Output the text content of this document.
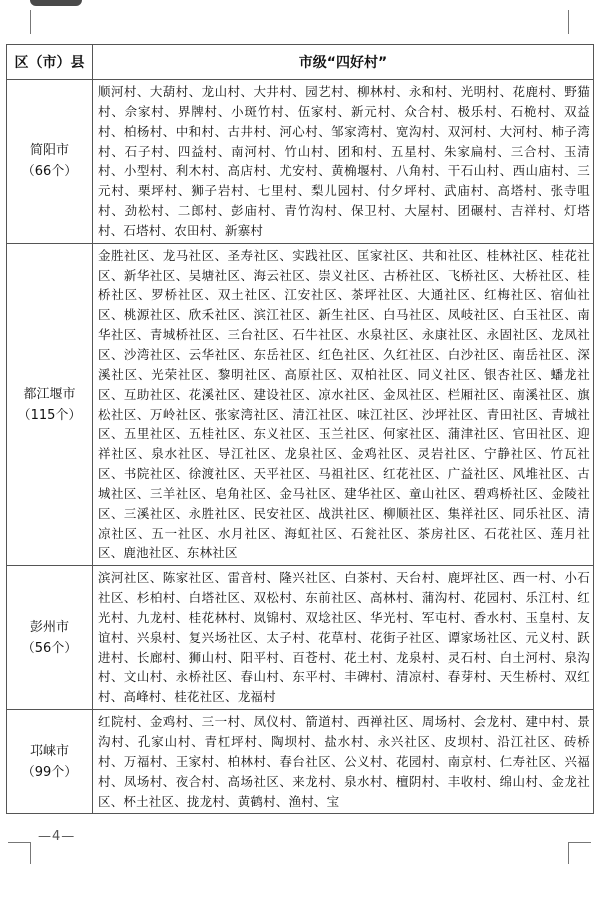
区（市）县	市级“四好村”

简阳市
（66个）	顺河村、大葫村、龙山村、大井村、园艺村、柳林村、永和村、光明村、花鹿村、野猫村、佘家村、界牌村、小斑竹村、伍家村、新元村、众合村、极乐村、石桅村、双益村、柏杨村、中和村、古井村、河心村、邹家湾村、宽沟村、双河村、大河村、柿子湾村、石子村、四益村、南河村、竹山村、团和村、五星村、朱家扁村、三合村、玉清村、小型村、利木村、高店村、尤安村、黄桷堰村、八角村、干石山村、西山庙村、三元村、栗坪村、狮子岩村、七里村、梨儿园村、付夕坪村、武庙村、高塔村、张寺咀村、劲松村、二郎村、彭庙村、青竹沟村、保卫村、大屋村、团碾村、吉祥村、灯塔村、石塔村、农田村、新寨村

都江堰市
（115个）	金胜社区、龙马社区、圣寿社区、实践社区、匡家社区、共和社区、桂林社区、桂花社区、新华社区、吴塘社区、海云社区、崇义社区、古桥社区、飞桥社区、大桥社区、桂桥社区、罗桥社区、双土社区、江安社区、茶坪社区、大通社区、红梅社区、宿仙社区、桃源社区、欣禾社区、滨江社区、新生社区、白马社区、凤岐社区、白玉社区、南华社区、青城桥社区、三台社区、石牛社区、水泉社区、永康社区、永固社区、龙凤社区、沙湾社区、云华社区、东岳社区、红色社区、久红社区、白沙社区、南岳社区、深溪社区、光荣社区、黎明社区、高原社区、双柏社区、同义社区、银杏社区、蟠龙社区、互助社区、花溪社区、建设社区、凉水社区、金凤社区、栏厢社区、南溪社区、旗松社区、万岭社区、张家湾社区、清江社区、味江社区、沙坪社区、青田社区、青城社区、五里社区、五桂社区、东义社区、玉兰社区、何家社区、蒲津社区、官田社区、迎祥社区、泉水社区、导江社区、龙泉社区、金鸡社区、灵岩社区、宁静社区、竹瓦社区、书院社区、徐渡社区、天平社区、马祖社区、红花社区、广益社区、风堆社区、古城社区、三羊社区、皂角社区、金马社区、建华社区、童山社区、碧鸡桥社区、金陵社区、三溪社区、永胜社区、民安社区、战洪社区、柳顺社区、集祥社区、同乐社区、清凉社区、五一社区、水月社区、海虹社区、石瓮社区、茶房社区、石花社区、莲月社区、鹿池社区、东林社区

彭州市
（56个）	滨河社区、陈家社区、雷音村、隆兴社区、白茶村、天台村、鹿坪社区、西一村、小石社区、杉柏村、白塔社区、双松村、东前社区、高林村、蒲沟村、花园村、乐江村、红光村、九龙村、桂花林村、岚锦村、双埝社区、华光村、军屯村、香水村、玉皇村、友谊村、兴泉村、复兴场社区、太子村、花草村、花街子社区、谭家场社区、元义村、跃进村、长廊村、狮山村、阳平村、百苍村、花土村、龙泉村、灵石村、白土河村、泉沟村、文山村、永桥社区、春山村、东平村、丰碑村、清凉村、春芽村、天生桥村、双红村、高峰村、桂花社区、龙福村

邛崃市
（99个）	红院村、金鸡村、三一村、凤仪村、箭道村、西禅社区、周场村、会龙村、建中村、景沟村、孔家山村、青杠坪村、陶坝村、盐水村、永兴社区、皮坝村、沿江社区、砖桥村、万福村、王家村、柏林村、春台社区、公义村、花园村、南京村、仁寿社区、兴福村、凤场村、夜合村、高场社区、来龙村、泉水村、檀阴村、丰收村、绵山村、金龙社区、杯土社区、拢龙村、黄鹤村、渔村、宝
—4—
